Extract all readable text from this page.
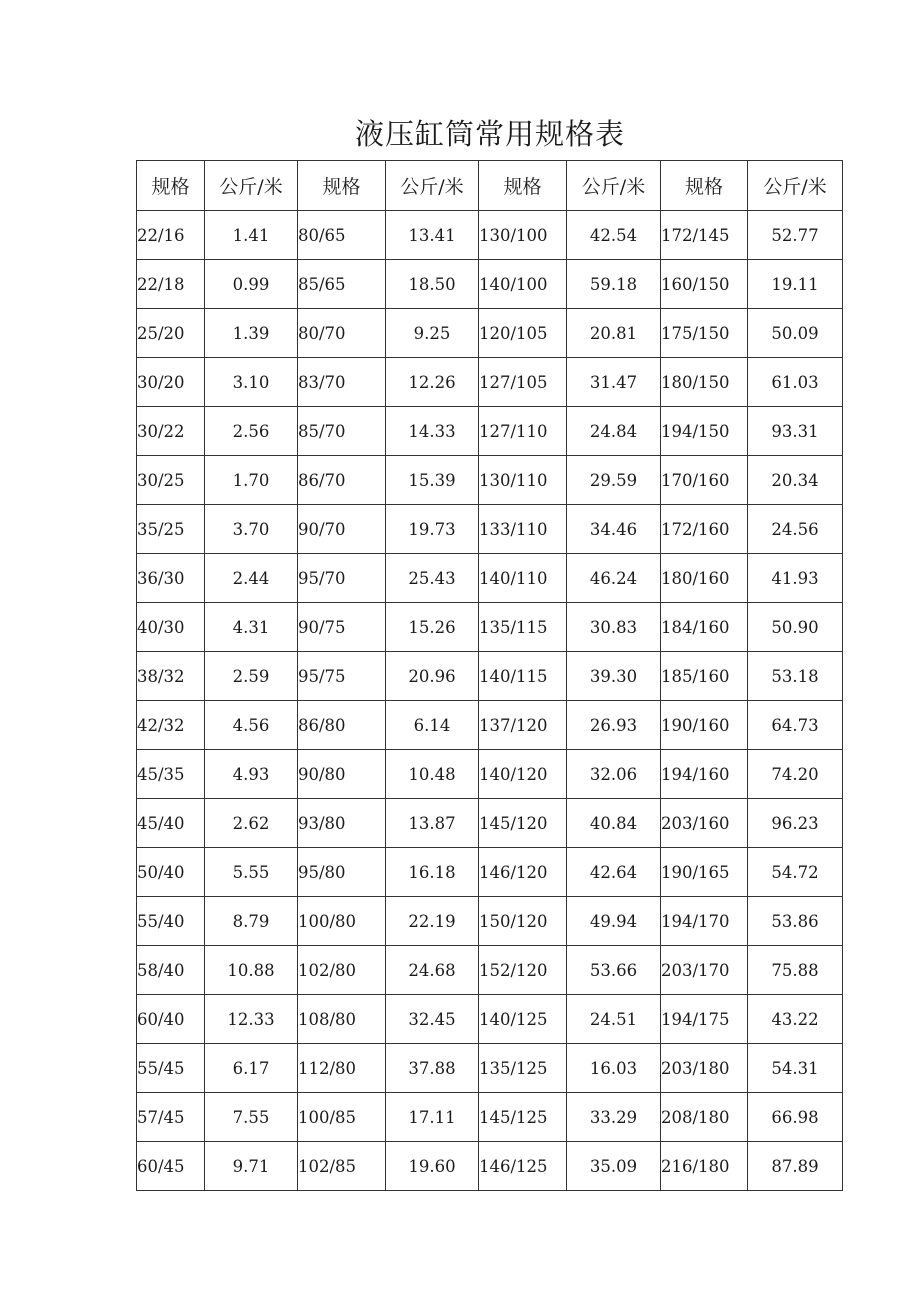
液压缸筒常用规格表
规格	公斤/米	规格	公斤/米	规格	公斤/米	规格	公斤/米
22/16	1.41	80/65	13.41	130/100	42.54	172/145	52.77
22/18	0.99	85/65	18.50	140/100	59.18	160/150	19.11
25/20	1.39	80/70	9.25	120/105	20.81	175/150	50.09
30/20	3.10	83/70	12.26	127/105	31.47	180/150	61.03
30/22	2.56	85/70	14.33	127/110	24.84	194/150	93.31
30/25	1.70	86/70	15.39	130/110	29.59	170/160	20.34
35/25	3.70	90/70	19.73	133/110	34.46	172/160	24.56
36/30	2.44	95/70	25.43	140/110	46.24	180/160	41.93
40/30	4.31	90/75	15.26	135/115	30.83	184/160	50.90
38/32	2.59	95/75	20.96	140/115	39.30	185/160	53.18
42/32	4.56	86/80	6.14	137/120	26.93	190/160	64.73
45/35	4.93	90/80	10.48	140/120	32.06	194/160	74.20
45/40	2.62	93/80	13.87	145/120	40.84	203/160	96.23
50/40	5.55	95/80	16.18	146/120	42.64	190/165	54.72
55/40	8.79	100/80	22.19	150/120	49.94	194/170	53.86
58/40	10.88	102/80	24.68	152/120	53.66	203/170	75.88
60/40	12.33	108/80	32.45	140/125	24.51	194/175	43.22
55/45	6.17	112/80	37.88	135/125	16.03	203/180	54.31
57/45	7.55	100/85	17.11	145/125	33.29	208/180	66.98
60/45	9.71	102/85	19.60	146/125	35.09	216/180	87.89
